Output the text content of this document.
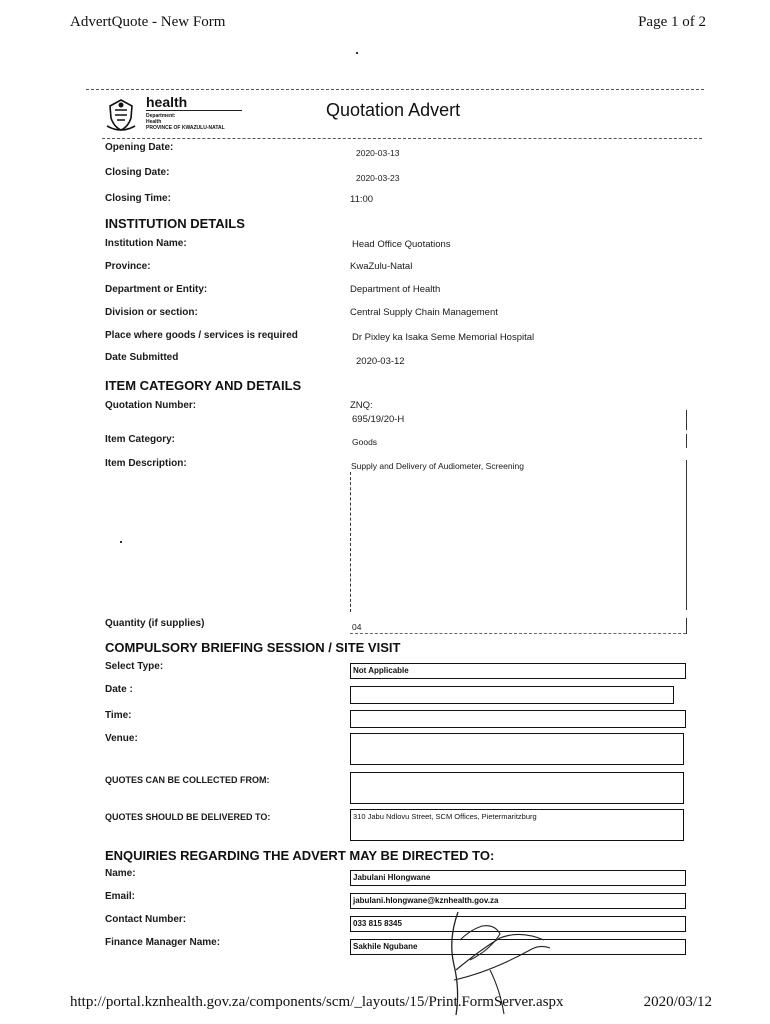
AdvertQuote - New Form	Page 1 of 2
health
Department:
Health
PROVINCE OF KWAZULU-NATAL
Quotation Advert
Opening Date:	2020-03-13
Closing Date:	2020-03-23
Closing Time:	11:00
INSTITUTION DETAILS
Institution Name:	Head Office Quotations
Province:	KwaZulu-Natal
Department or Entity:	Department of Health
Division or section:	Central Supply Chain Management
Place where goods / services is required	Dr Pixley ka Isaka Seme Memorial Hospital
Date Submitted	2020-03-12
ITEM CATEGORY AND DETAILS
Quotation Number:	ZNQ:
695/19/20-H
Item Category:	Goods
Item Description:	Supply and Delivery of Audiometer, Screening
Quantity (if supplies)	04
COMPULSORY BRIEFING SESSION / SITE VISIT
Select Type:	Not Applicable
Date :
Time:
Venue:
QUOTES CAN BE COLLECTED FROM:
QUOTES SHOULD BE DELIVERED TO:	310 Jabu Ndlovu Street, SCM Offices, Pietermaritzburg
ENQUIRIES REGARDING THE ADVERT MAY BE DIRECTED TO:
Name:	Jabulani Hlongwane
Email:	jabulani.hlongwane@kznhealth.gov.za
Contact Number:	033 815 8345
Finance Manager Name:	Sakhile Ngubane
http://portal.kznhealth.gov.za/components/scm/_layouts/15/Print.FormServer.aspx	2020/03/12
